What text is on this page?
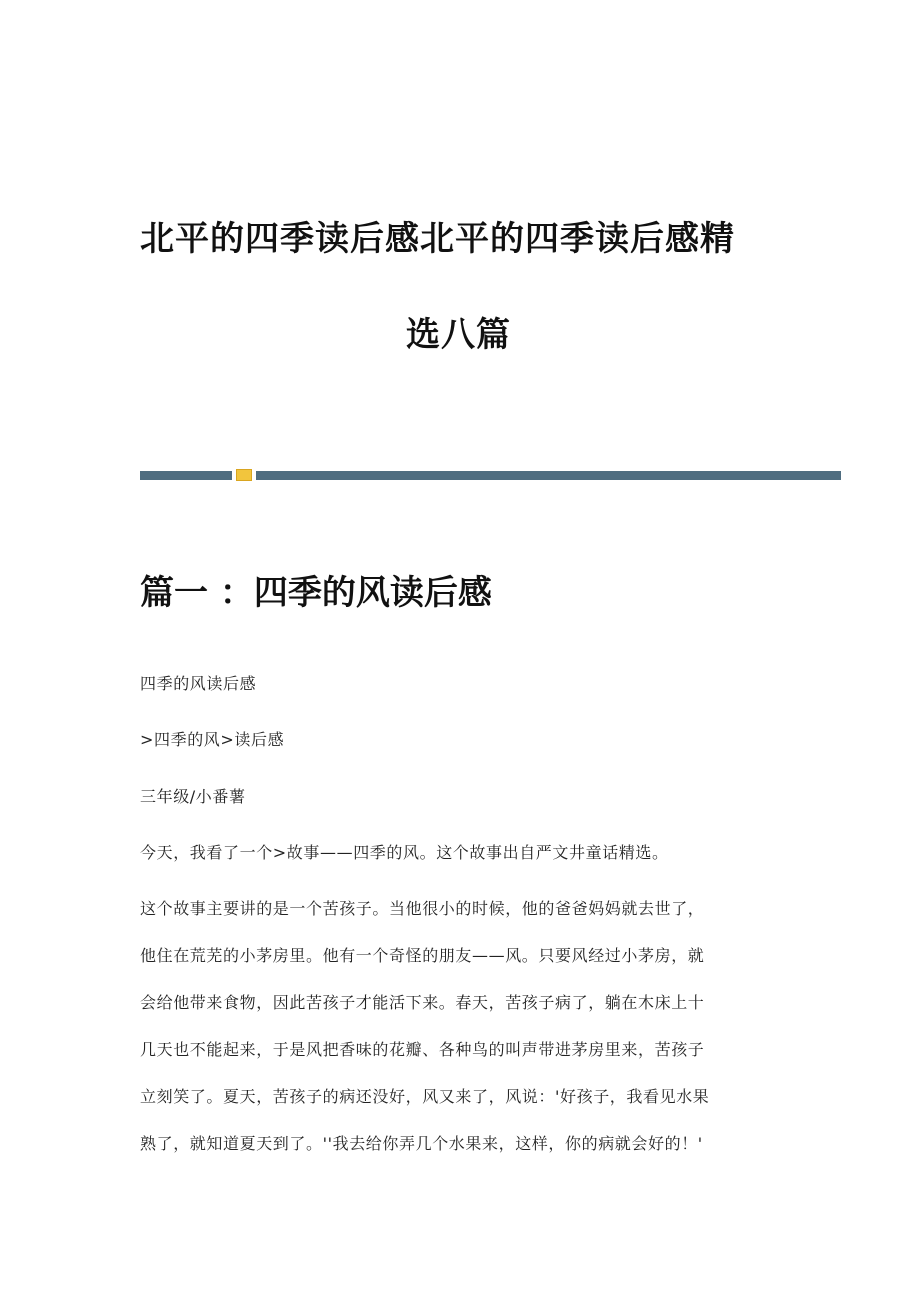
北平的四季读后感北平的四季读后感精
选八篇
篇一 ：四季的风读后感
四季的风读后感
>四季的风>读后感
三年级/小番薯
今天，我看了一个>故事——四季的风。这个故事出自严文井童话精选。
这个故事主要讲的是一个苦孩子。当他很小的时候，他的爸爸妈妈就去世了，
他住在荒芜的小茅房里。他有一个奇怪的朋友——风。只要风经过小茅房，就
会给他带来食物，因此苦孩子才能活下来。春天，苦孩子病了，躺在木床上十
几天也不能起来，于是风把香味的花瓣、各种鸟的叫声带进茅房里来，苦孩子
立刻笑了。夏天，苦孩子的病还没好，风又来了，风说：'好孩子，我看见水果
熟了，就知道夏天到了。''我去给你弄几个水果来，这样，你的病就会好的！'
